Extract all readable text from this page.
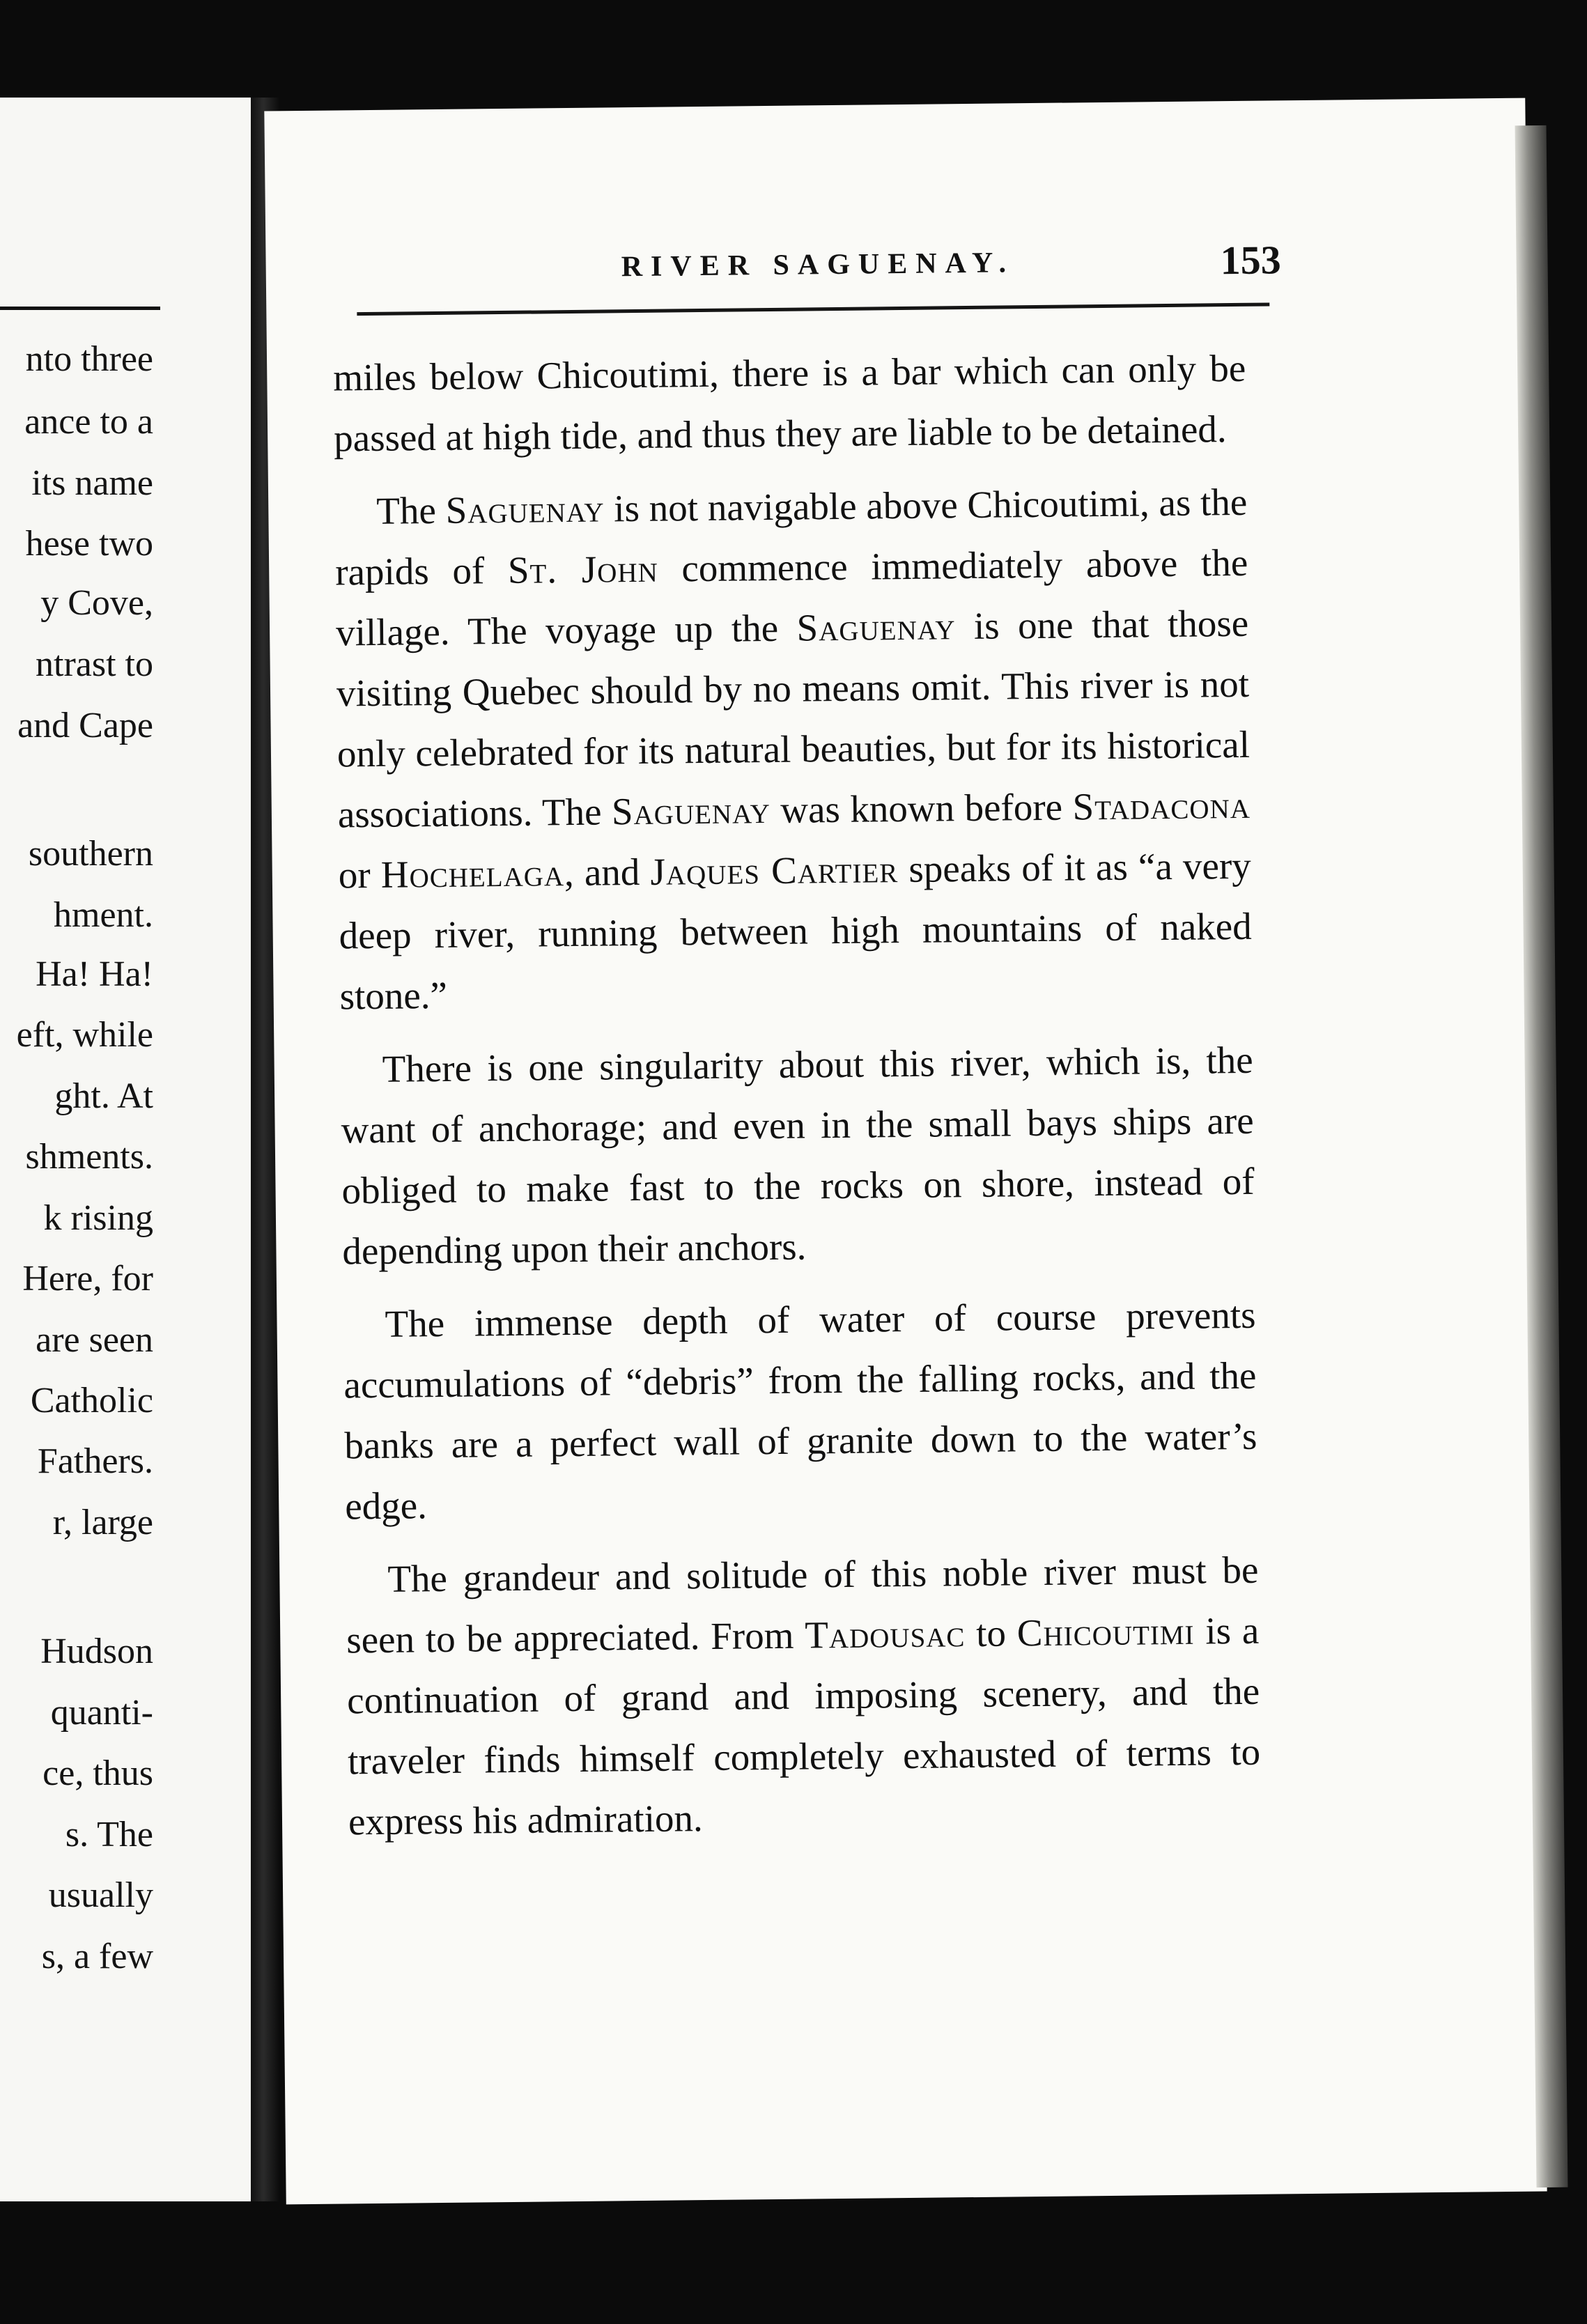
nto three
ance to a
its name
hese two
y Cove,
ntrast to
and Cape
southern
hment.
Ha! Ha!
eft, while
ght. At
shments.
k rising
Here, for
are seen
Catholic
Fathers.
r, large
Hudson
quanti-
ce, thus
s. The
usually
s, a few
RIVER SAGUENAY.	153

miles below Chicoutimi, there is a bar which can only be passed at high tide, and thus they are liable to be detained.

The Saguenay is not navigable above Chicoutimi, as the rapids of St. John commence immediately above the village. The voyage up the Saguenay is one that those visiting Quebec should by no means omit. This river is not only celebrated for its natural beauties, but for its historical associations. The Saguenay was known before Stadacona or Hochelaga, and Jaques Cartier speaks of it as “a very deep river, running between high mountains of naked stone.”

There is one singularity about this river, which is, the want of anchorage; and even in the small bays ships are obliged to make fast to the rocks on shore, instead of depending upon their anchors.

The immense depth of water of course prevents accumulations of “debris” from the falling rocks, and the banks are a perfect wall of granite down to the water’s edge.

The grandeur and solitude of this noble river must be seen to be appreciated. From Tadousac to Chicoutimi is a continuation of grand and imposing scenery, and the traveler finds himself completely exhausted of terms to express his admiration.
